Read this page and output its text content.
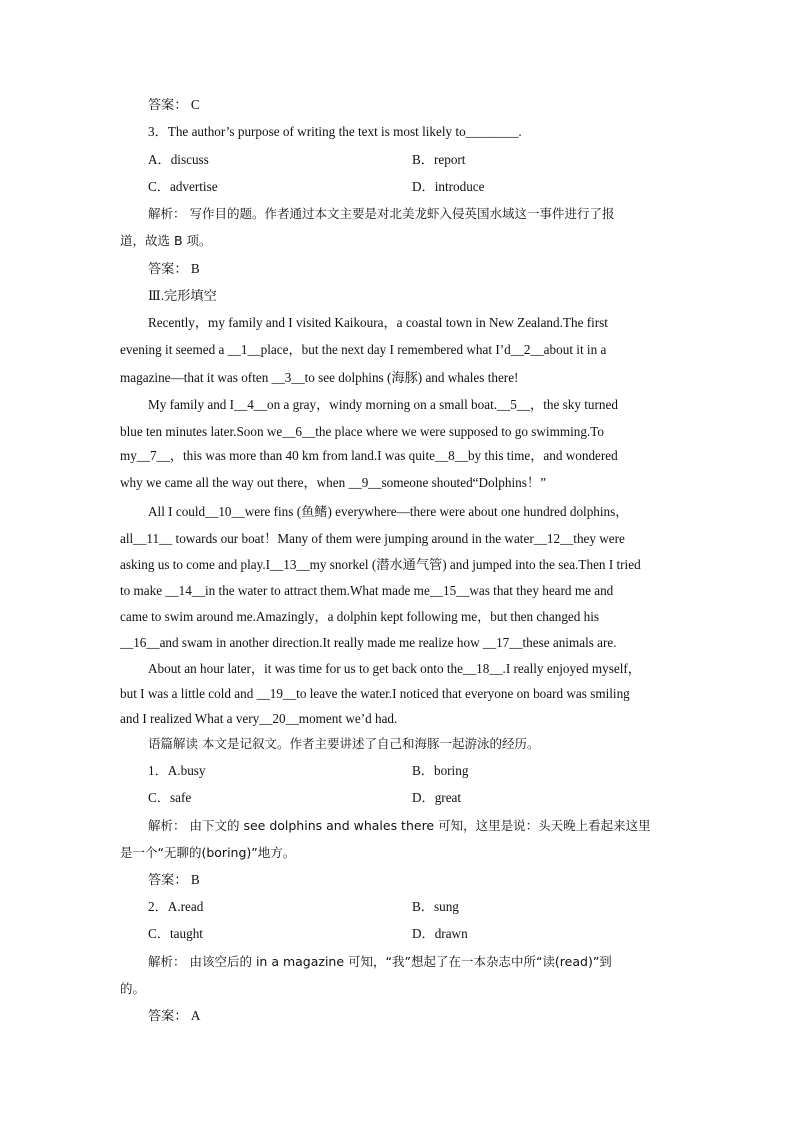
答案： C
3．The author’s purpose of writing the text is most likely to________.
A．discuss	B．report
C．advertise	D．introduce
解析： 写作目的题。作者通过本文主要是对北美龙虾入侵英国水域这一事件进行了报
道，故选 B 项。
答案： B
Ⅲ.完形填空
Recently，my family and I visited Kaikoura，a coastal town in New Zealand.The first
evening it seemed a __1__place，but the next day I remembered what I’d__2__about it in a
magazine—that it was often __3__to see dolphins (海豚) and whales there!
My family and I__4__on a gray，windy morning on a small boat.__5__，the sky turned
blue ten minutes later.Soon we__6__the place where we were supposed to go swimming.To
my__7__，this was more than 40 km from land.I was quite__8__by this time，and wondered
why we came all the way out there，when __9__someone shouted“Dolphins！”
All I could__10__were fins (鱼鳍) everywhere—there were about one hundred dolphins，
all__11__ towards our boat！Many of them were jumping around in the water__12__they were
asking us to come and play.I__13__my snorkel (潜水通气管) and jumped into the sea.Then I tried
to make __14__in the water to attract them.What made me__15__was that they heard me and
came to swim around me.Amazingly，a dolphin kept following me，but then changed his
__16__and swam in another direction.It really made me realize how __17__these animals are.
About an hour later，it was time for us to get back onto the__18__.I really enjoyed myself，
but I was a little cold and __19__to leave the water.I noticed that everyone on board was smiling
and I realized What a very__20__moment we’d had.
语篇解读 本文是记叙文。作者主要讲述了自己和海豚一起游泳的经历。
1．A.busy	B．boring
C．safe	D．great
解析： 由下文的 see dolphins and whales there 可知，这里是说：头天晚上看起来这里
是一个“无聊的(boring)”地方。
答案： B
2．A.read	B．sung
C．taught	D．drawn
解析： 由该空后的 in a magazine 可知，“我”想起了在一本杂志中所“读(read)”到
的。
答案： A
